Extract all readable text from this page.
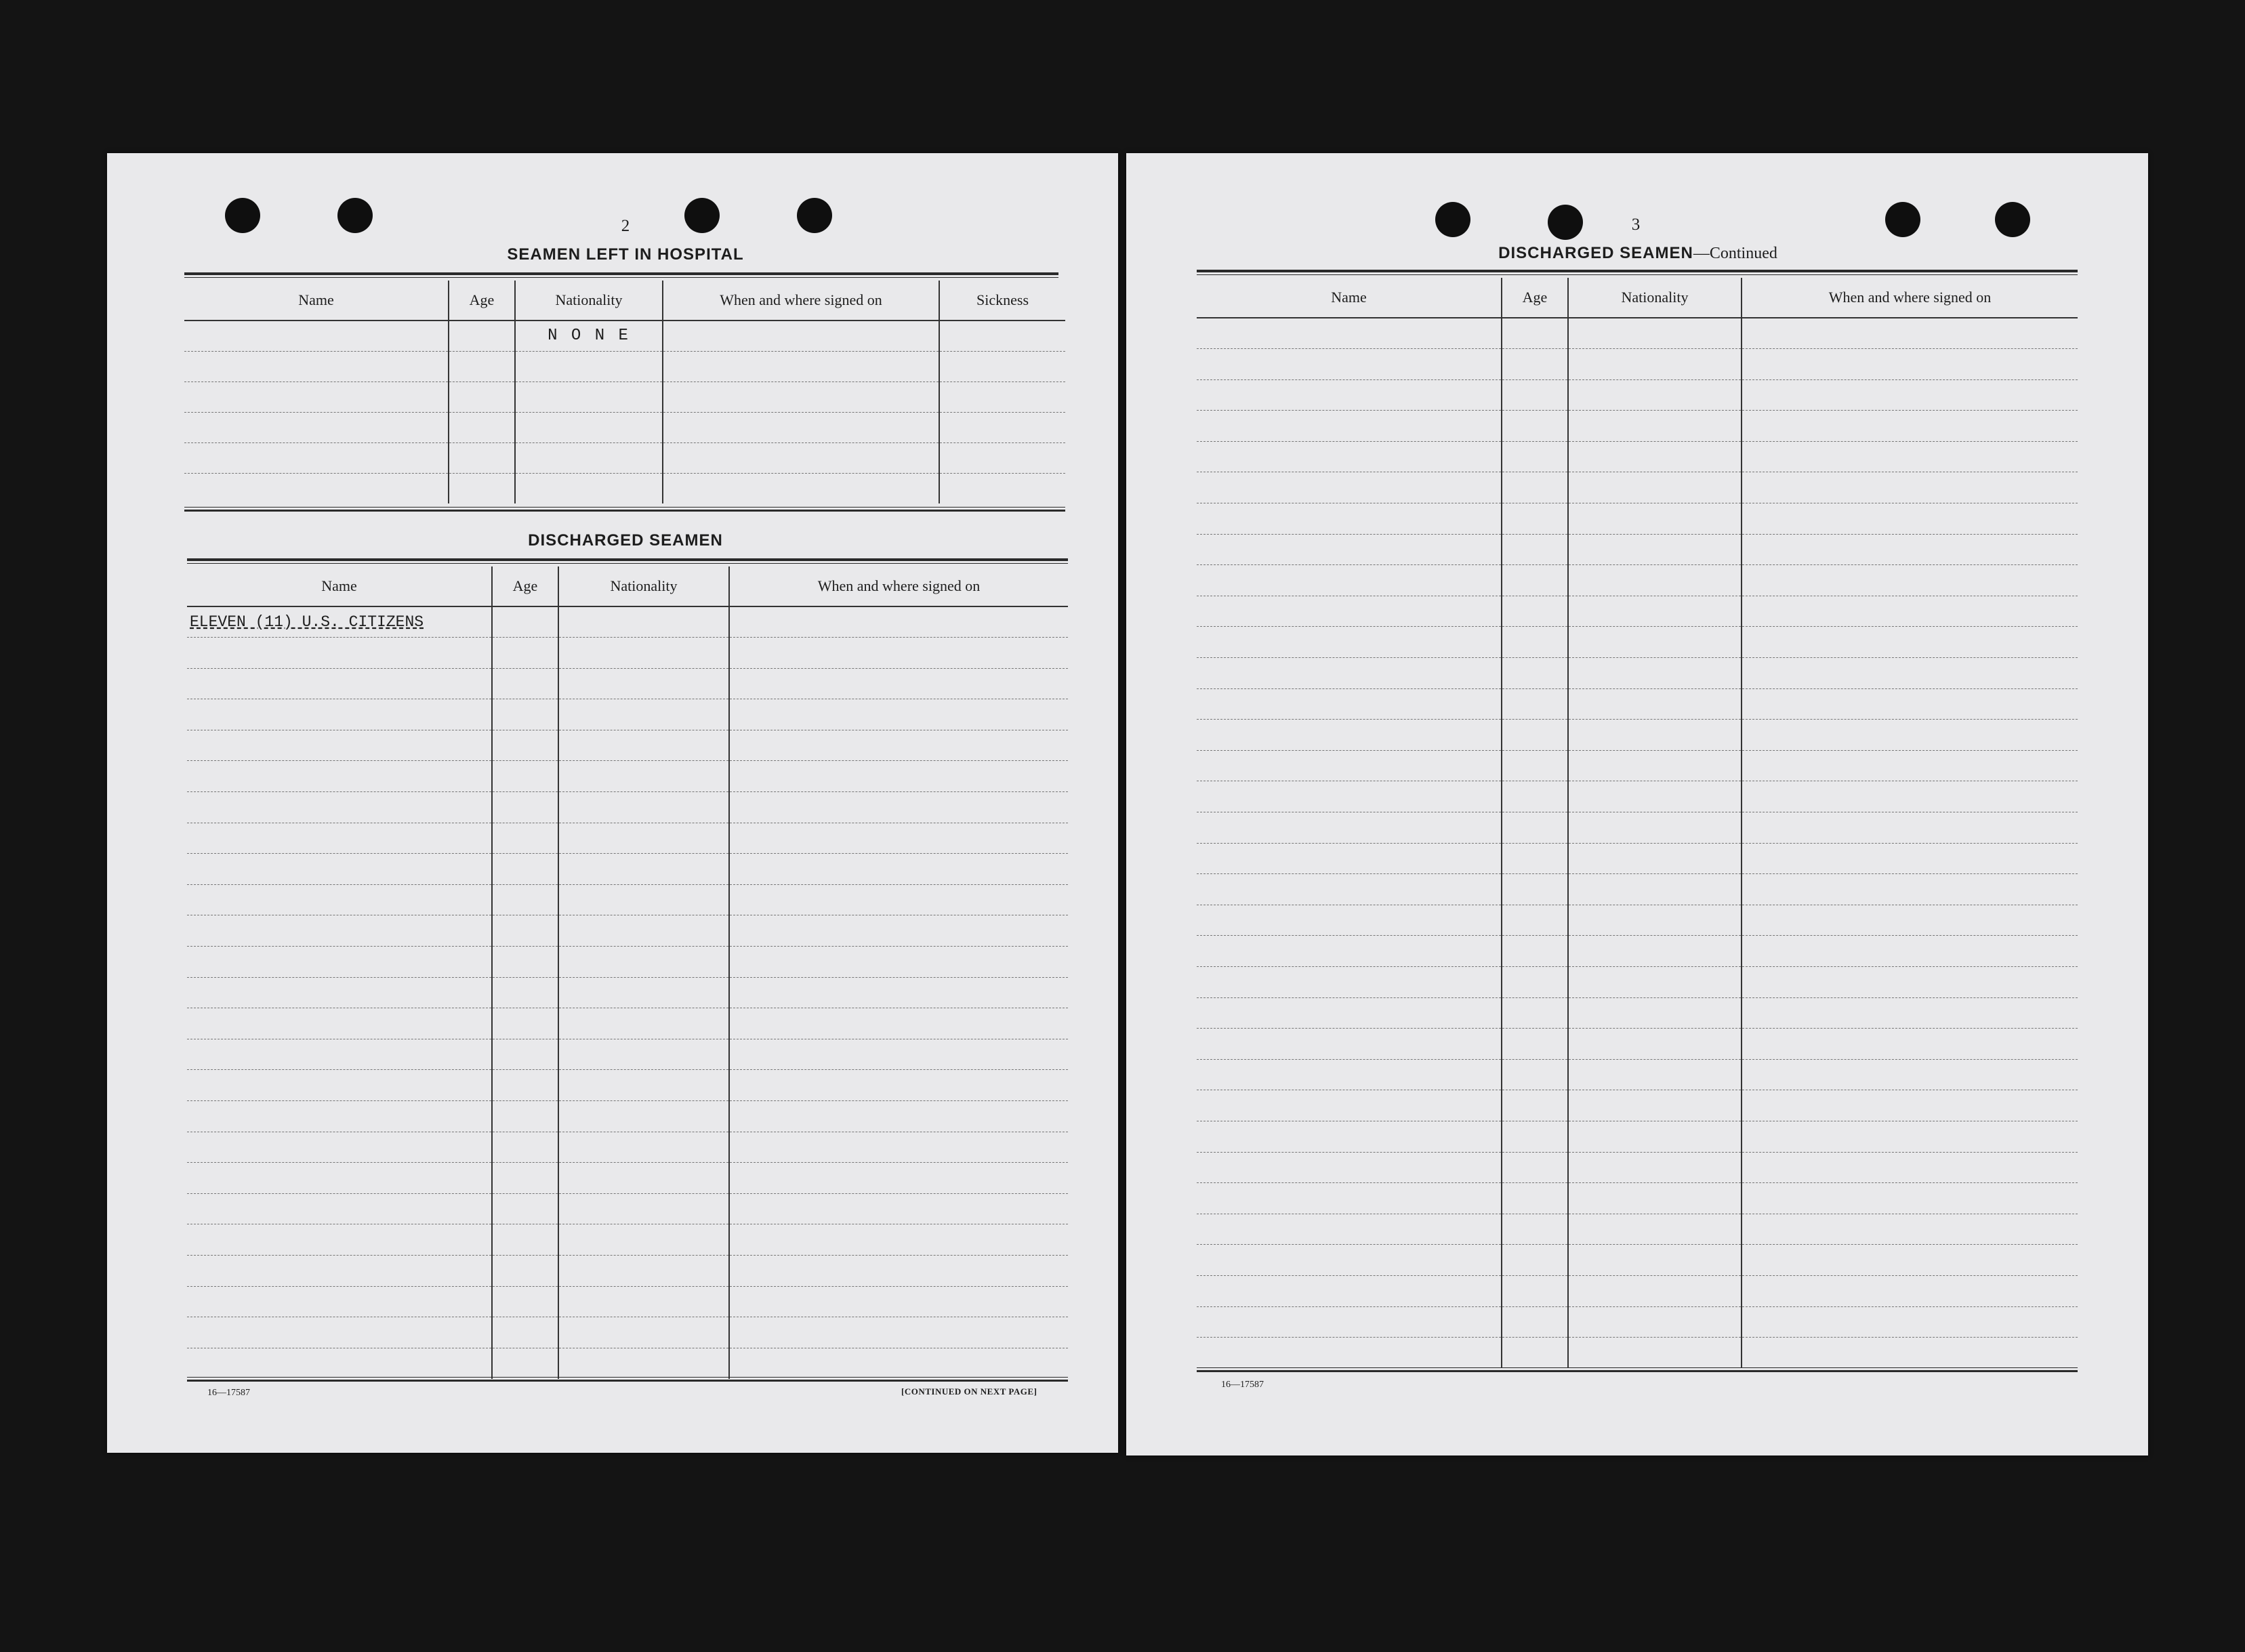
2
SEAMEN LEFT IN HOSPITAL
Name	Age	Nationality	When and where signed on	Sickness
		N O N E		

DISCHARGED SEAMEN
Name	Age	Nationality	When and where signed on
ELEVEN (11) U.S. CITIZENS			

16—17587	[CONTINUED ON NEXT PAGE]
3
DISCHARGED SEAMEN—Continued
Name	Age	Nationality	When and where signed on

16—17587
